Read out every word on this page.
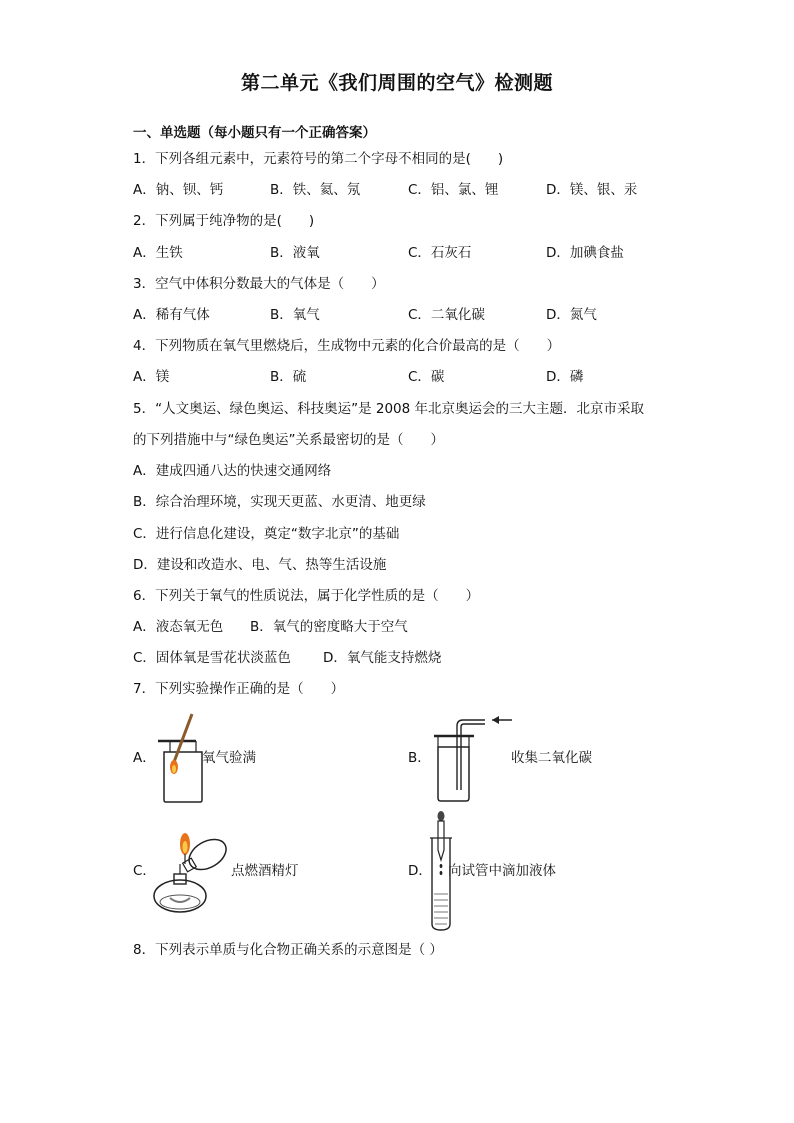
第二单元《我们周围的空气》检测题
一、单选题（每小题只有一个正确答案）
1．下列各组元素中，元素符号的第二个字母不相同的是(　　)
A．钠、钡、钙	B．铁、氦、氖	C．铝、氯、锂	D．镁、银、汞
2．下列属于纯净物的是(　　)
A．生铁	B．液氧	C．石灰石	D．加碘食盐
3．空气中体积分数最大的气体是（　　）
A．稀有气体	B．氧气	C．二氧化碳	D．氮气
4．下列物质在氧气里燃烧后，生成物中元素的化合价最高的是（　　）
A．镁	B．硫	C．碳	D．磷
5．“人文奥运、绿色奥运、科技奥运”是 2008 年北京奥运会的三大主题．北京市采取
的下列措施中与“绿色奥运”关系最密切的是（　　）
A．建成四通八达的快速交通网络
B．综合治理环境，实现天更蓝、水更清、地更绿
C．进行信息化建设，奠定“数字北京”的基础
D．建设和改造水、电、气、热等生活设施
6．下列关于氧气的性质说法，属于化学性质的是（　　）
A．液态氧无色 B．氧气的密度略大于空气
C．固体氧是雪花状淡蓝色 D．氧气能支持燃烧
7．下列实验操作正确的是（　　）
A．	氧气验满	B．	收集二氧化碳
C．	点燃酒精灯	D． 向试管中滴加液体
8．下列表示单质与化合物正确关系的示意图是（ ）
